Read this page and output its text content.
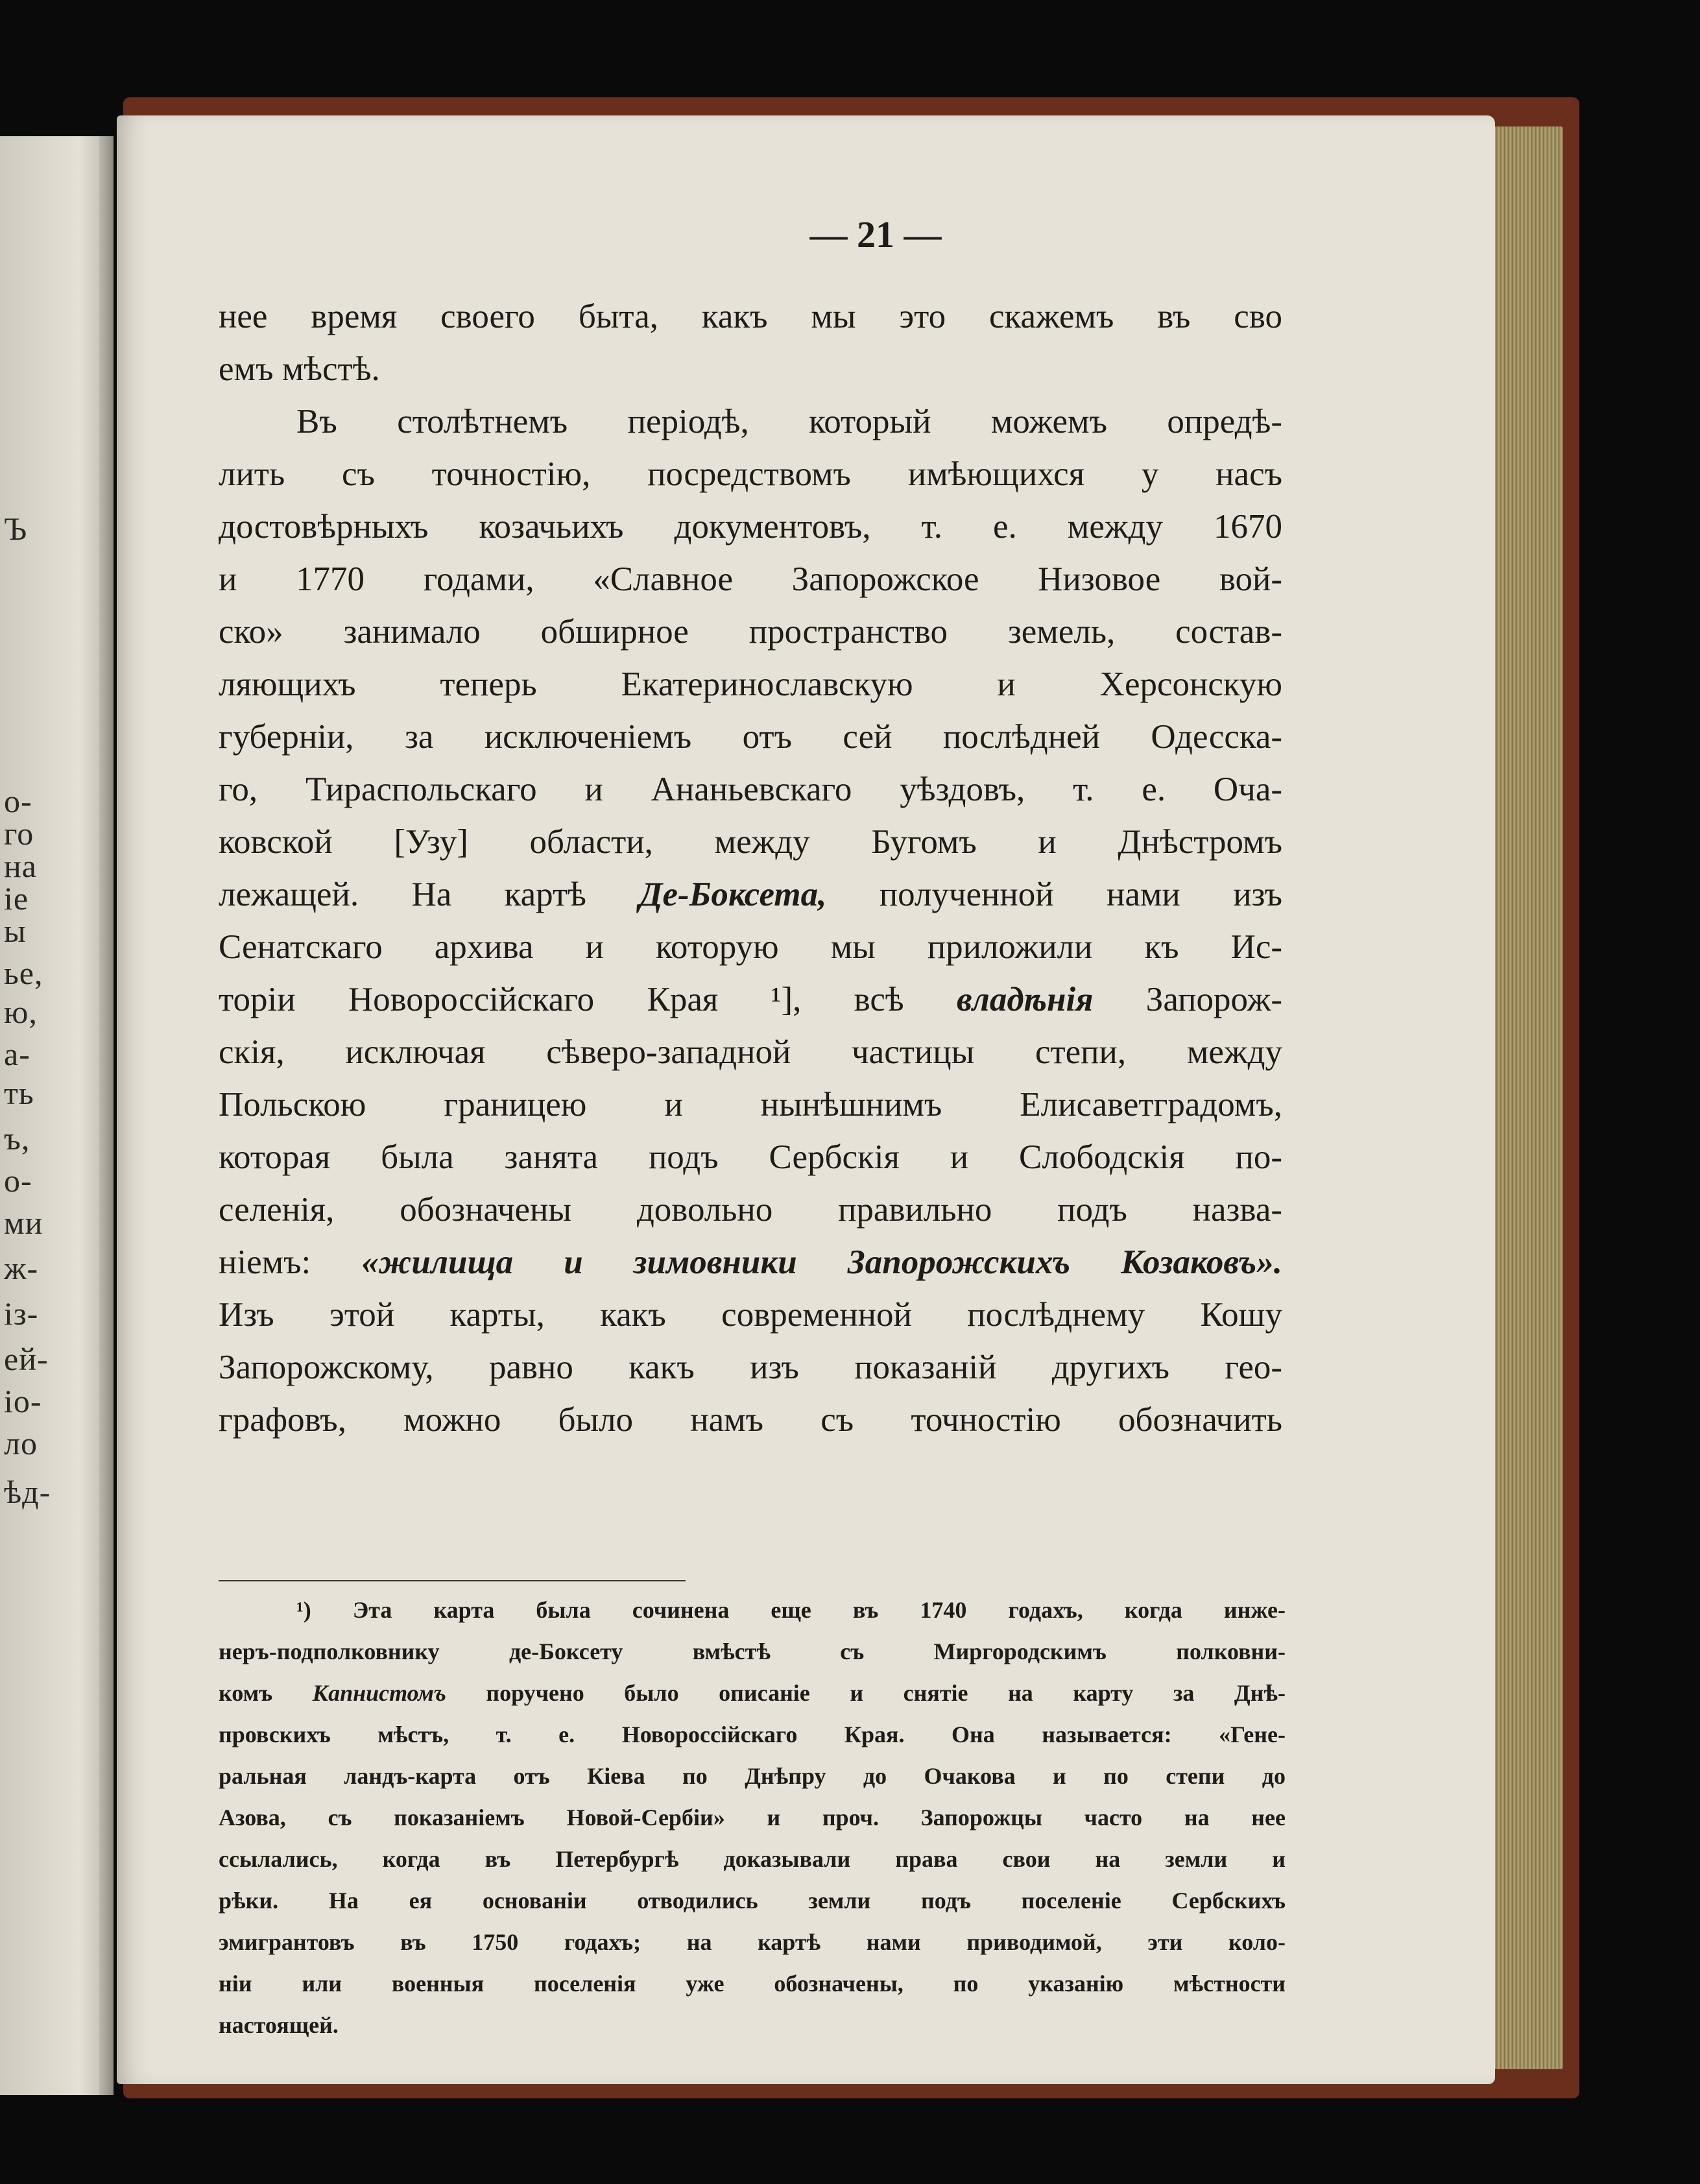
Ъ
о-
го
на
іе
ы
ье,
ю,
а-
ть
ъ,
о-
ми
ж-
із-
ей-
іо-
ло
ѣд-

— 21 —

нее время своего быта, какъ мы это скажемъ въ сво
емъ мѣстѣ.
Въ столѣтнемъ періодѣ, который можемъ опредѣ-
лить съ точностію, посредствомъ имѣющихся у насъ
достовѣрныхъ козачьихъ документовъ, т. е. между 1670
и 1770 годами, «Славное Запорожское Низовое вой-
ско» занимало обширное пространство земель, состав-
ляющихъ теперь Екатеринославскую и Херсонскую
губерніи, за исключеніемъ отъ сей послѣдней Одесска-
го, Тираспольскаго и Ананьевскаго уѣздовъ, т. е. Оча-
ковской [Узу] области, между Бугомъ и Днѣстромъ
лежащей. На картѣ Де-Боксета, полученной нами изъ
Сенатскаго архива и которую мы приложили къ Ис-
торіи Новороссійскаго Края ¹], всѣ владѣнія Запорож-
скія, исключая сѣверо-западной частицы степи, между
Польскою границею и нынѣшнимъ Елисаветградомъ,
которая была занята подъ Сербскія и Слободскія по-
селенія, обозначены довольно правильно подъ назва-
ніемъ: «жилища и зимовники Запорожскихъ Козаковъ».
Изъ этой карты, какъ современной послѣднему Кошу
Запорожскому, равно какъ изъ показаній другихъ гео-
графовъ, можно было намъ съ точностію обозначить
¹) Эта карта была сочинена еще въ 1740 годахъ, когда инже-
неръ-подполковнику де-Боксету вмѣстѣ съ Миргородскимъ полковни-
комъ Капнистомъ поручено было описаніе и снятіе на карту за Днѣ-
провскихъ мѣстъ, т. е. Новороссійскаго Края. Она называется: «Гене-
ральная ландъ-карта отъ Кіева по Днѣпру до Очакова и по степи до
Азова, съ показаніемъ Новой-Сербіи» и проч. Запорожцы часто на нее
ссылались, когда въ Петербургѣ доказывали права свои на земли и
рѣки. На ея основаніи отводились земли подъ поселеніе Сербскихъ
эмигрантовъ въ 1750 годахъ; на картѣ нами приводимой, эти коло-
ніи или военныя поселенія уже обозначены, по указанію мѣстности
настоящей.
